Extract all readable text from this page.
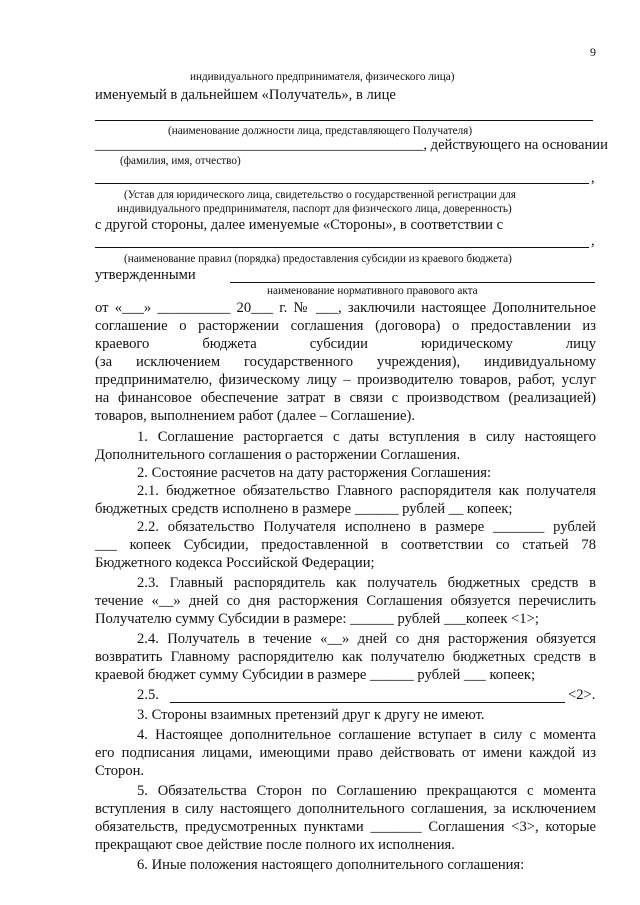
9
индивидуального предпринимателя, физического лица)
именуемый в дальнейшем «Получатель», в лице
(наименование должности лица, представляющего Получателя)
_____________________________________________, действующего на основании
(фамилия, имя, отчество)
,
(Устав для юридического лица, свидетельство о государственной регистрации для
индивидуального предпринимателя, паспорт для физического лица, доверенность)
с другой стороны, далее именуемые «Стороны», в соответствии с
,
(наименование правил (порядка) предоставления субсидии из краевого бюджета)
утвержденными
наименование нормативного правового акта
от «___» __________ 20___ г. № ___, заключили настоящее Дополнительное
соглашение о расторжении соглашения (договора) о предоставлении из
краевого бюджета субсидии юридическому лицу
(за исключением государственного учреждения), индивидуальному
предпринимателю, физическому лицу – производителю товаров, работ, услуг
на финансовое обеспечение затрат в связи с производством (реализацией)
товаров, выполнением работ (далее – Соглашение).
1. Соглашение расторгается с даты вступления в силу настоящего
Дополнительного соглашения о расторжении Соглашения.
2. Состояние расчетов на дату расторжения Соглашения:
2.1. бюджетное обязательство Главного распорядителя как получателя
бюджетных средств исполнено в размере ______ рублей __ копеек;
2.2. обязательство Получателя исполнено в размере _______ рублей
___ копеек Субсидии, предоставленной в соответствии со статьей 78
Бюджетного кодекса Российской Федерации;
2.3. Главный распорядитель как получатель бюджетных средств в
течение «__» дней со дня расторжения Соглашения обязуется перечислить
Получателю сумму Субсидии в размере: ______ рублей ___копеек <1>;
2.4. Получатель в течение «__» дней со дня расторжения обязуется
возвратить Главному распорядителю как получателю бюджетных средств в
краевой бюджет сумму Субсидии в размере ______ рублей ___ копеек;
2.5.	<2>.
3. Стороны взаимных претензий друг к другу не имеют.
4. Настоящее дополнительное соглашение вступает в силу с момента
его подписания лицами, имеющими право действовать от имени каждой из
Сторон.
5. Обязательства Сторон по Соглашению прекращаются с момента
вступления в силу настоящего дополнительного соглашения, за исключением
обязательств, предусмотренных пунктами _______ Соглашения <3>, которые
прекращают свое действие после полного их исполнения.
6. Иные положения настоящего дополнительного соглашения:
